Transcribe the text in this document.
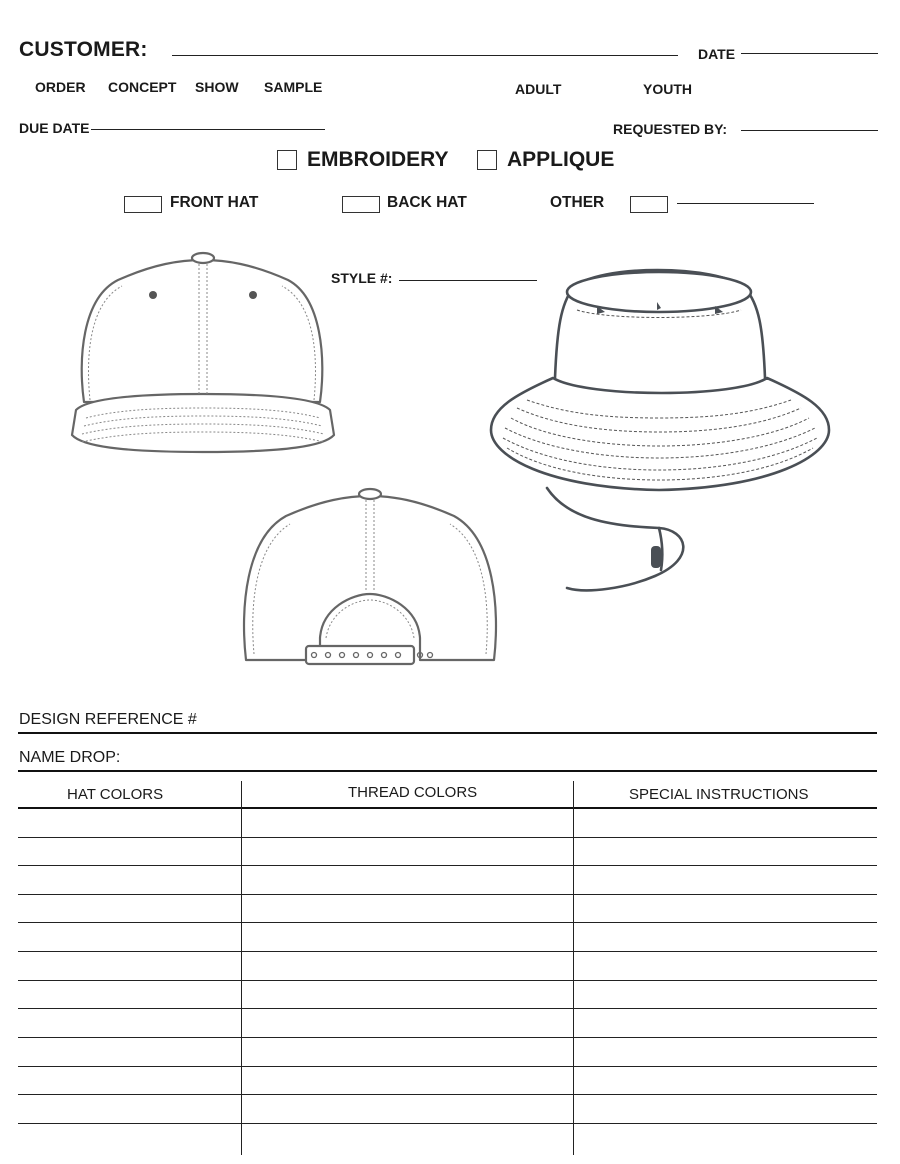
CUSTOMER:	DATE
ORDER CONCEPT SHOW SAMPLE	ADULT	YOUTH
DUE DATE	REQUESTED BY:
EMBROIDERY	APPLIQUE
FRONT HAT	BACK HAT	OTHER
STYLE #:
DESIGN REFERENCE #
NAME DROP:
HAT COLORS	THREAD COLORS	SPECIAL INSTRUCTIONS
